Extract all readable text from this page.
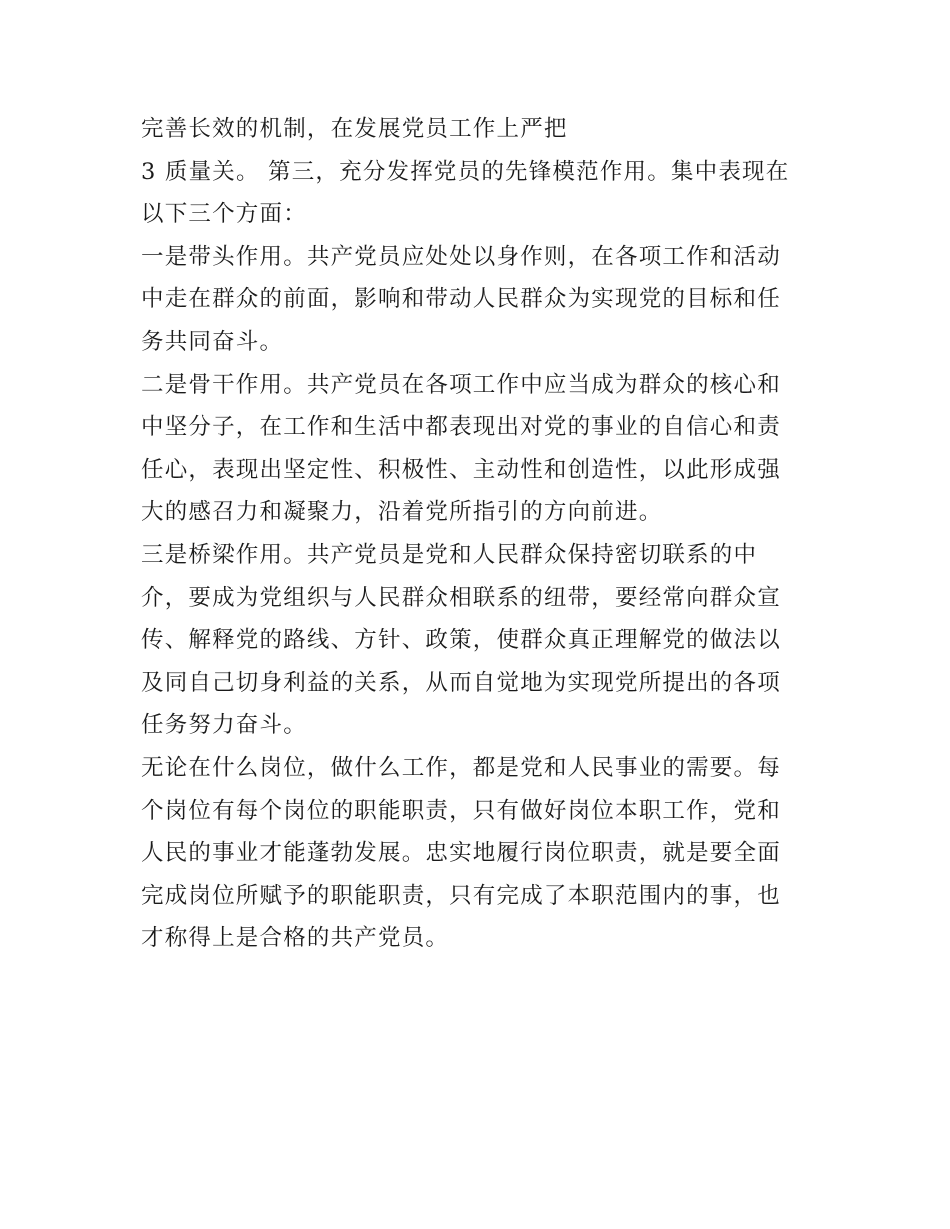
完善长效的机制，在发展党员工作上严把
3 质量关。 第三，充分发挥党员的先锋模范作用。集中表现在
以下三个方面：
一是带头作用。共产党员应处处以身作则，在各项工作和活动
中走在群众的前面，影响和带动人民群众为实现党的目标和任
务共同奋斗。
二是骨干作用。共产党员在各项工作中应当成为群众的核心和
中坚分子，在工作和生活中都表现出对党的事业的自信心和责
任心，表现出坚定性、积极性、主动性和创造性，以此形成强
大的感召力和凝聚力，沿着党所指引的方向前进。
三是桥梁作用。共产党员是党和人民群众保持密切联系的中
介，要成为党组织与人民群众相联系的纽带，要经常向群众宣
传、解释党的路线、方针、政策，使群众真正理解党的做法以
及同自己切身利益的关系，从而自觉地为实现党所提出的各项
任务努力奋斗。
无论在什么岗位，做什么工作，都是党和人民事业的需要。每
个岗位有每个岗位的职能职责，只有做好岗位本职工作，党和
人民的事业才能蓬勃发展。忠实地履行岗位职责，就是要全面
完成岗位所赋予的职能职责，只有完成了本职范围内的事，也
才称得上是合格的共产党员。
